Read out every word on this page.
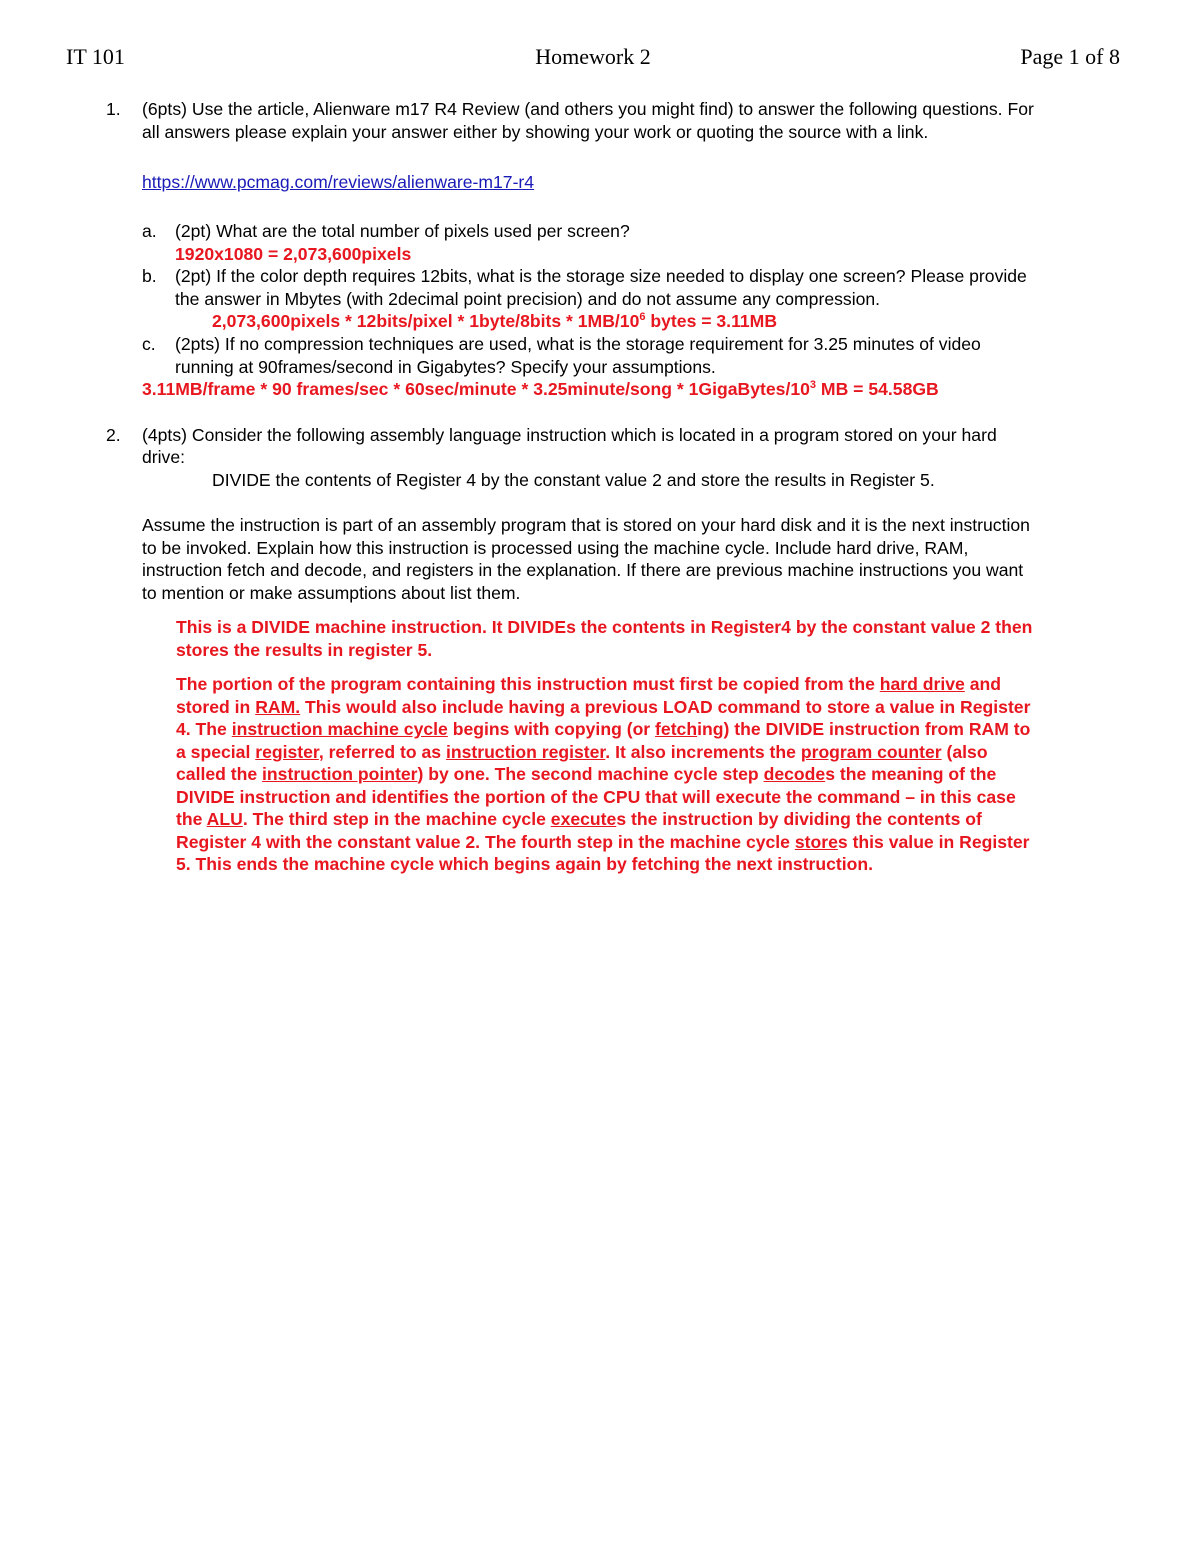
IT 101	Homework 2	Page 1 of 8
1. (6pts) Use the article, Alienware m17 R4 Review (and others you might find) to answer the following questions. For
all answers please explain your answer either by showing your work or quoting the source with a link.
https://www.pcmag.com/reviews/alienware-m17-r4
a. (2pt) What are the total number of pixels used per screen?
1920x1080 = 2,073,600pixels
b. (2pt) If the color depth requires 12bits, what is the storage size needed to display one screen? Please provide
the answer in Mbytes (with 2decimal point precision) and do not assume any compression.
2,073,600pixels * 12bits/pixel * 1byte/8bits * $1MB/10^6$ bytes = 3.11MB
c. (2pts) If no compression techniques are used, what is the storage requirement for 3.25 minutes of video
running at 90frames/second in Gigabytes? Specify your assumptions.
3.11MB/frame * 90 frames/sec * 60sec/minute * 3.25minute/song * $1GigaBytes/10^3$ MB = 54.58GB
2. (4pts) Consider the following assembly language instruction which is located in a program stored on your hard
drive:
DIVIDE the contents of Register 4 by the constant value 2 and store the results in Register 5.
Assume the instruction is part of an assembly program that is stored on your hard disk and it is the next instruction
to be invoked. Explain how this instruction is processed using the machine cycle. Include hard drive, RAM,
instruction fetch and decode, and registers in the explanation. If there are previous machine instructions you want
to mention or make assumptions about list them.
This is a DIVIDE machine instruction. It DIVIDEs the contents in Register4 by the constant value 2 then
stores the results in register 5.
The portion of the program containing this instruction must first be copied from the hard drive and
stored in RAM. This would also include having a previous LOAD command to store a value in Register
4. The instruction machine cycle begins with copying (or fetching) the DIVIDE instruction from RAM to
a special register, referred to as instruction register. It also increments the program counter (also
called the instruction pointer) by one. The second machine cycle step decodes the meaning of the
DIVIDE instruction and identifies the portion of the CPU that will execute the command – in this case
the ALU. The third step in the machine cycle executes the instruction by dividing the contents of
Register 4 with the constant value 2. The fourth step in the machine cycle stores this value in Register
5. This ends the machine cycle which begins again by fetching the next instruction.
